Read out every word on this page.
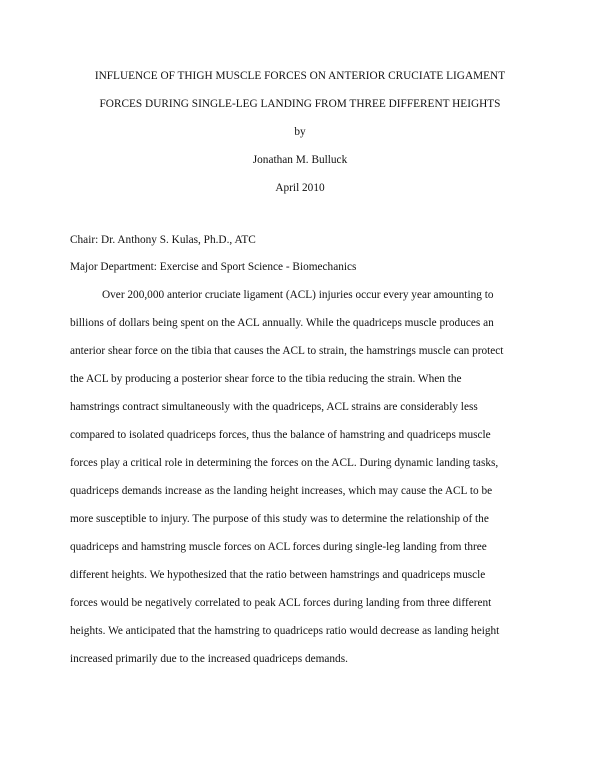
INFLUENCE OF THIGH MUSCLE FORCES ON ANTERIOR CRUCIATE LIGAMENT
FORCES DURING SINGLE-LEG LANDING FROM THREE DIFFERENT HEIGHTS
by
Jonathan M. Bulluck
April 2010
Chair: Dr. Anthony S. Kulas, Ph.D., ATC
Major Department: Exercise and Sport Science - Biomechanics
Over 200,000 anterior cruciate ligament (ACL) injuries occur every year amounting to
billions of dollars being spent on the ACL annually. While the quadriceps muscle produces an
anterior shear force on the tibia that causes the ACL to strain, the hamstrings muscle can protect
the ACL by producing a posterior shear force to the tibia reducing the strain. When the
hamstrings contract simultaneously with the quadriceps, ACL strains are considerably less
compared to isolated quadriceps forces, thus the balance of hamstring and quadriceps muscle
forces play a critical role in determining the forces on the ACL. During dynamic landing tasks,
quadriceps demands increase as the landing height increases, which may cause the ACL to be
more susceptible to injury. The purpose of this study was to determine the relationship of the
quadriceps and hamstring muscle forces on ACL forces during single-leg landing from three
different heights. We hypothesized that the ratio between hamstrings and quadriceps muscle
forces would be negatively correlated to peak ACL forces during landing from three different
heights. We anticipated that the hamstring to quadriceps ratio would decrease as landing height
increased primarily due to the increased quadriceps demands.
